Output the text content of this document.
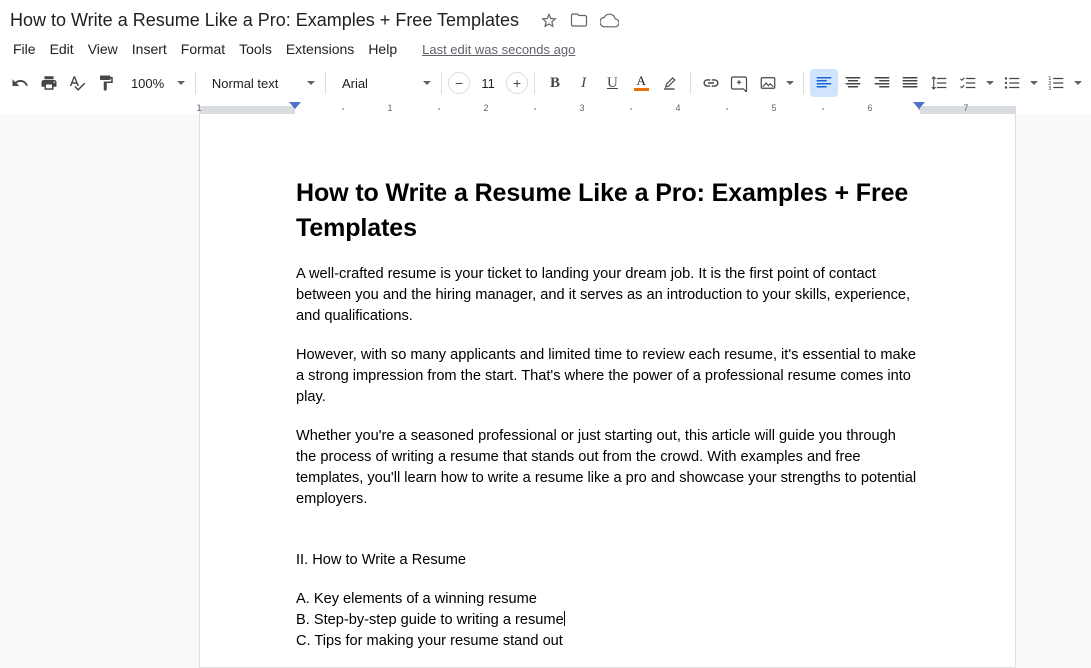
How to Write a Resume Like a Pro: Examples + Free Templates
File	Edit	View	Insert	Format	Tools	Extensions	Help	Last edit was seconds ago
100%	Normal text	Arial	−	11	+	B I U A	1
2
3
1	1	2	3	4	5	6	7
How to Write a Resume Like a Pro: Examples + Free Templates

A well-crafted resume is your ticket to landing your dream job. It is the first point of contact between you and the hiring manager, and it serves as an introduction to your skills, experience, and qualifications.

However, with so many applicants and limited time to review each resume, it's essential to make a strong impression from the start. That's where the power of a professional resume comes into play.

Whether you're a seasoned professional or just starting out, this article will guide you through the process of writing a resume that stands out from the crowd. With examples and free templates, you'll learn how to write a resume like a pro and showcase your strengths to potential employers.

II. How to Write a Resume

A. Key elements of a winning resume

B. Step-by-step guide to writing a resume

C. Tips for making your resume stand out
